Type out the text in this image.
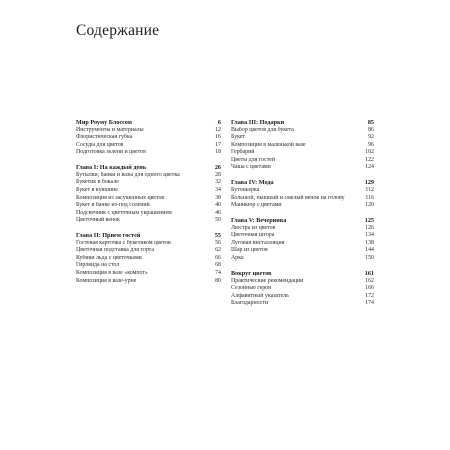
Содержание
Мир Роуму Блоссом	6
Инструменты и материалы	12
Флористическая губка	16
Сосуды для цветов	17
Подготовка зелени и цветов	18
Глава I: На каждый день	26
Бутылки, банки и вазы для одного цветка	28
Букетик в бокале	32
Букет в кувшине	34
Композиция из засушенных цветов	38
Букет в банке из-под солений	40
Подсвечник с цветочным украшением	46
Цветочный венок	50
Глава II: Прием гостей	55
Гостевая карточка с букетиком цветов	56
Цветочная подставка для торта	62
Кубики льда с цветочками	66
Гирлянда на стол	68
Композиция в вазе «компот»	74
Композиция в вазе-урне	80
Глава III: Подарки	85
Выбор цветов для букета	86
Букет	92
Композиция в маленькой вазе	96
Гербарий	102
Цветы для гостей	122
Чаша с цветами	124
Глава IV: Мода	129
Бутоньерка	112
Большой, пышный и смелый венок на голову	116
Маникюр с цветами	120
Глава V: Вечеринка	125
Люстра из цветов	126
Цветочная штора	134
Луговая инсталляция	138
Шар из цветов	144
Арка	150
Вокруг цветов	161
Практические рекомендации	162
Сезонные герои	166
Алфавитный указатель	172
Благодарности	174
